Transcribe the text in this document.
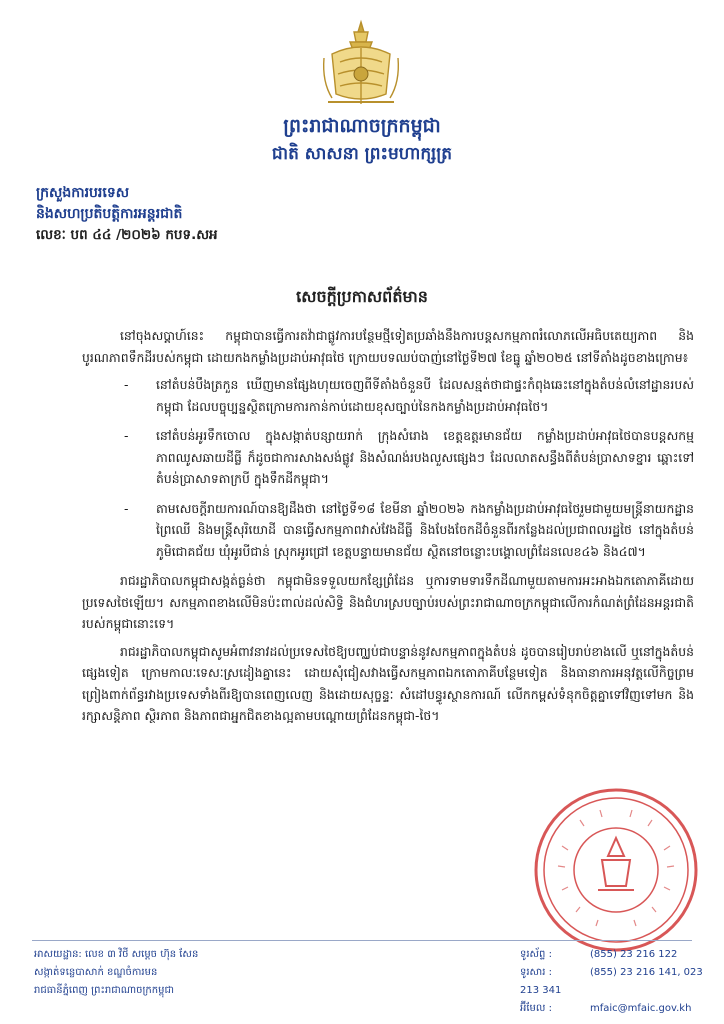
ព្រះរាជាណាចក្រកម្ពុជា
ជាតិ សាសនា ព្រះមហាក្សត្រ
ក្រសួងការបរទេស
និងសហប្រតិបត្តិការអន្តរជាតិ
លេខៈ បព ៤៤ /២០២៦ កបទ.សអ
សេចក្តីប្រកាសព័ត៌មាន

នៅចុងសប្តាហ៍នេះ កម្ពុជាបានធ្វើការតវ៉ាជាផ្លូវការបន្ថែមថ្មីទៀតប្រឆាំងនឹងការបន្តសកម្មភាពរំលោភលើអធិបតេយ្យភាព និងបូរណភាពទឹកដីរបស់កម្ពុជា ដោយកងកម្លាំងប្រដាប់អាវុធថៃ ក្រោយបទឈប់បាញ់នៅថ្ងៃទី២៧ ខែធ្នូ ឆ្នាំ២០២៥ នៅទីតាំងដូចខាងក្រោម៖

- នៅតំបន់បឹងត្រកួន ឃើញមានផ្សែងហុយចេញពីទីតាំងចំនួនបី ដែលសន្មត់ថាជាផ្ទះកំពុងឆេះនៅក្នុងតំបន់លំនៅដ្ឋានរបស់កម្ពុជា ដែលបច្ចុប្បន្នស្ថិតក្រោមការកាន់កាប់ដោយខុសច្បាប់នៃកងកម្លាំងប្រដាប់អាវុធថៃ។
- នៅតំបន់អូរទឹកចោល ក្នុងសង្កាត់បន្សាយរាក់ ក្រុងសំរោង ខេត្តឧត្តរមានជ័យ កម្លាំងប្រដាប់អាវុធថៃបានបន្តសកម្មភាពឈូសឆាយដីធ្លី ក៏ដូចជាការសាងសង់ផ្លូវ និងសំណង់របងលួសផ្សេងៗ ដែលលាតសន្ធឹងពីតំបន់ប្រាសាទខ្នារ ឆ្ពោះទៅតំបន់ប្រាសាទតាក្របី ក្នុងទឹកដីកម្ពុជា។
- តាមសេចក្តីរាយការណ៍បានឱ្យដឹងថា នៅថ្ងៃទី១៨ ខែមីនា ឆ្នាំ២០២៦ កងកម្លាំងប្រដាប់អាវុធថៃរួមជាមួយមន្ត្រីនាយកដ្ឋានព្រៃឈើ និងមន្ត្រីសុរិយោដី បានធ្វើសកម្មភាពវាស់វែងដីធ្លី និងបែងចែកដីចំនួនពីរកន្លែងដល់ប្រជាពលរដ្ឋថៃ នៅក្នុងតំបន់ភូមិជោគជ័យ ឃុំអូរបីជាន់ ស្រុកអូរជ្រៅ ខេត្តបន្ទាយមានជ័យ ស្ថិតនៅចន្លោះបង្គោលព្រំដែនលេខ៤៦ និង៤៧។

រាជរដ្ឋាភិបាលកម្ពុជាសង្កត់ធ្ងន់ថា កម្ពុជាមិនទទួលយកខ្សែព្រំដែន ឬការទាមទារទឹកដីណាមួយតាមការអះអាងឯកតោភាគីដោយប្រទេសថៃឡើយ។ សកម្មភាពខាងលើមិនប៉ះពាល់ដល់សិទ្ធិ និងជំហរស្របច្បាប់របស់ព្រះរាជាណាចក្រកម្ពុជាលើការកំណត់ព្រំដែនអន្តរជាតិរបស់កម្ពុជានោះទេ។

រាជរដ្ឋាភិបាលកម្ពុជាសូមអំពាវនាវដល់ប្រទេសថៃឱ្យបញ្ឈប់ជាបន្ទាន់នូវសកម្មភាពក្នុងតំបន់ ដូចបានរៀបរាប់ខាងលើ ឬនៅក្នុងតំបន់ផ្សេងទៀត ក្រោមកាលៈទេសៈស្រដៀងគ្នានេះ ដោយសុំជៀសវាងធ្វើសកម្មភាពឯកតោភាគីបន្ថែមទៀត និងធានាការអនុវត្តលើកិច្ចព្រមព្រៀងពាក់ព័ន្ធរវាងប្រទេសទាំងពីរឱ្យបានពេញលេញ និងដោយសុច្ចន្ទៈ សំដៅបន្ធូរស្ថានការណ៍ លើកកម្ពស់ទំនុកចិត្តគ្នាទៅវិញទៅមក និងរក្សាសន្តិភាព ស្ថិរភាព និងភាពជាអ្នកជិតខាងល្អតាមបណ្តោយព្រំដែនកម្ពុជា-ថៃ។

អាសយដ្ឋាន: លេខ ៣ វិថី សម្តេច ហ៊ុន សែន
សង្កាត់ទន្លេបាសាក់ ខណ្ឌចំការមន
រាជធានីភ្នំពេញ ព្រះរាជាណាចក្រកម្ពុជា
ទូរស័ព្ទ :	(855) 23 216 122
ទូរសារ :	(855) 23 216 141, 023 213 341
អ៊ីមែល :	mfaic@mfaic.gov.kh
